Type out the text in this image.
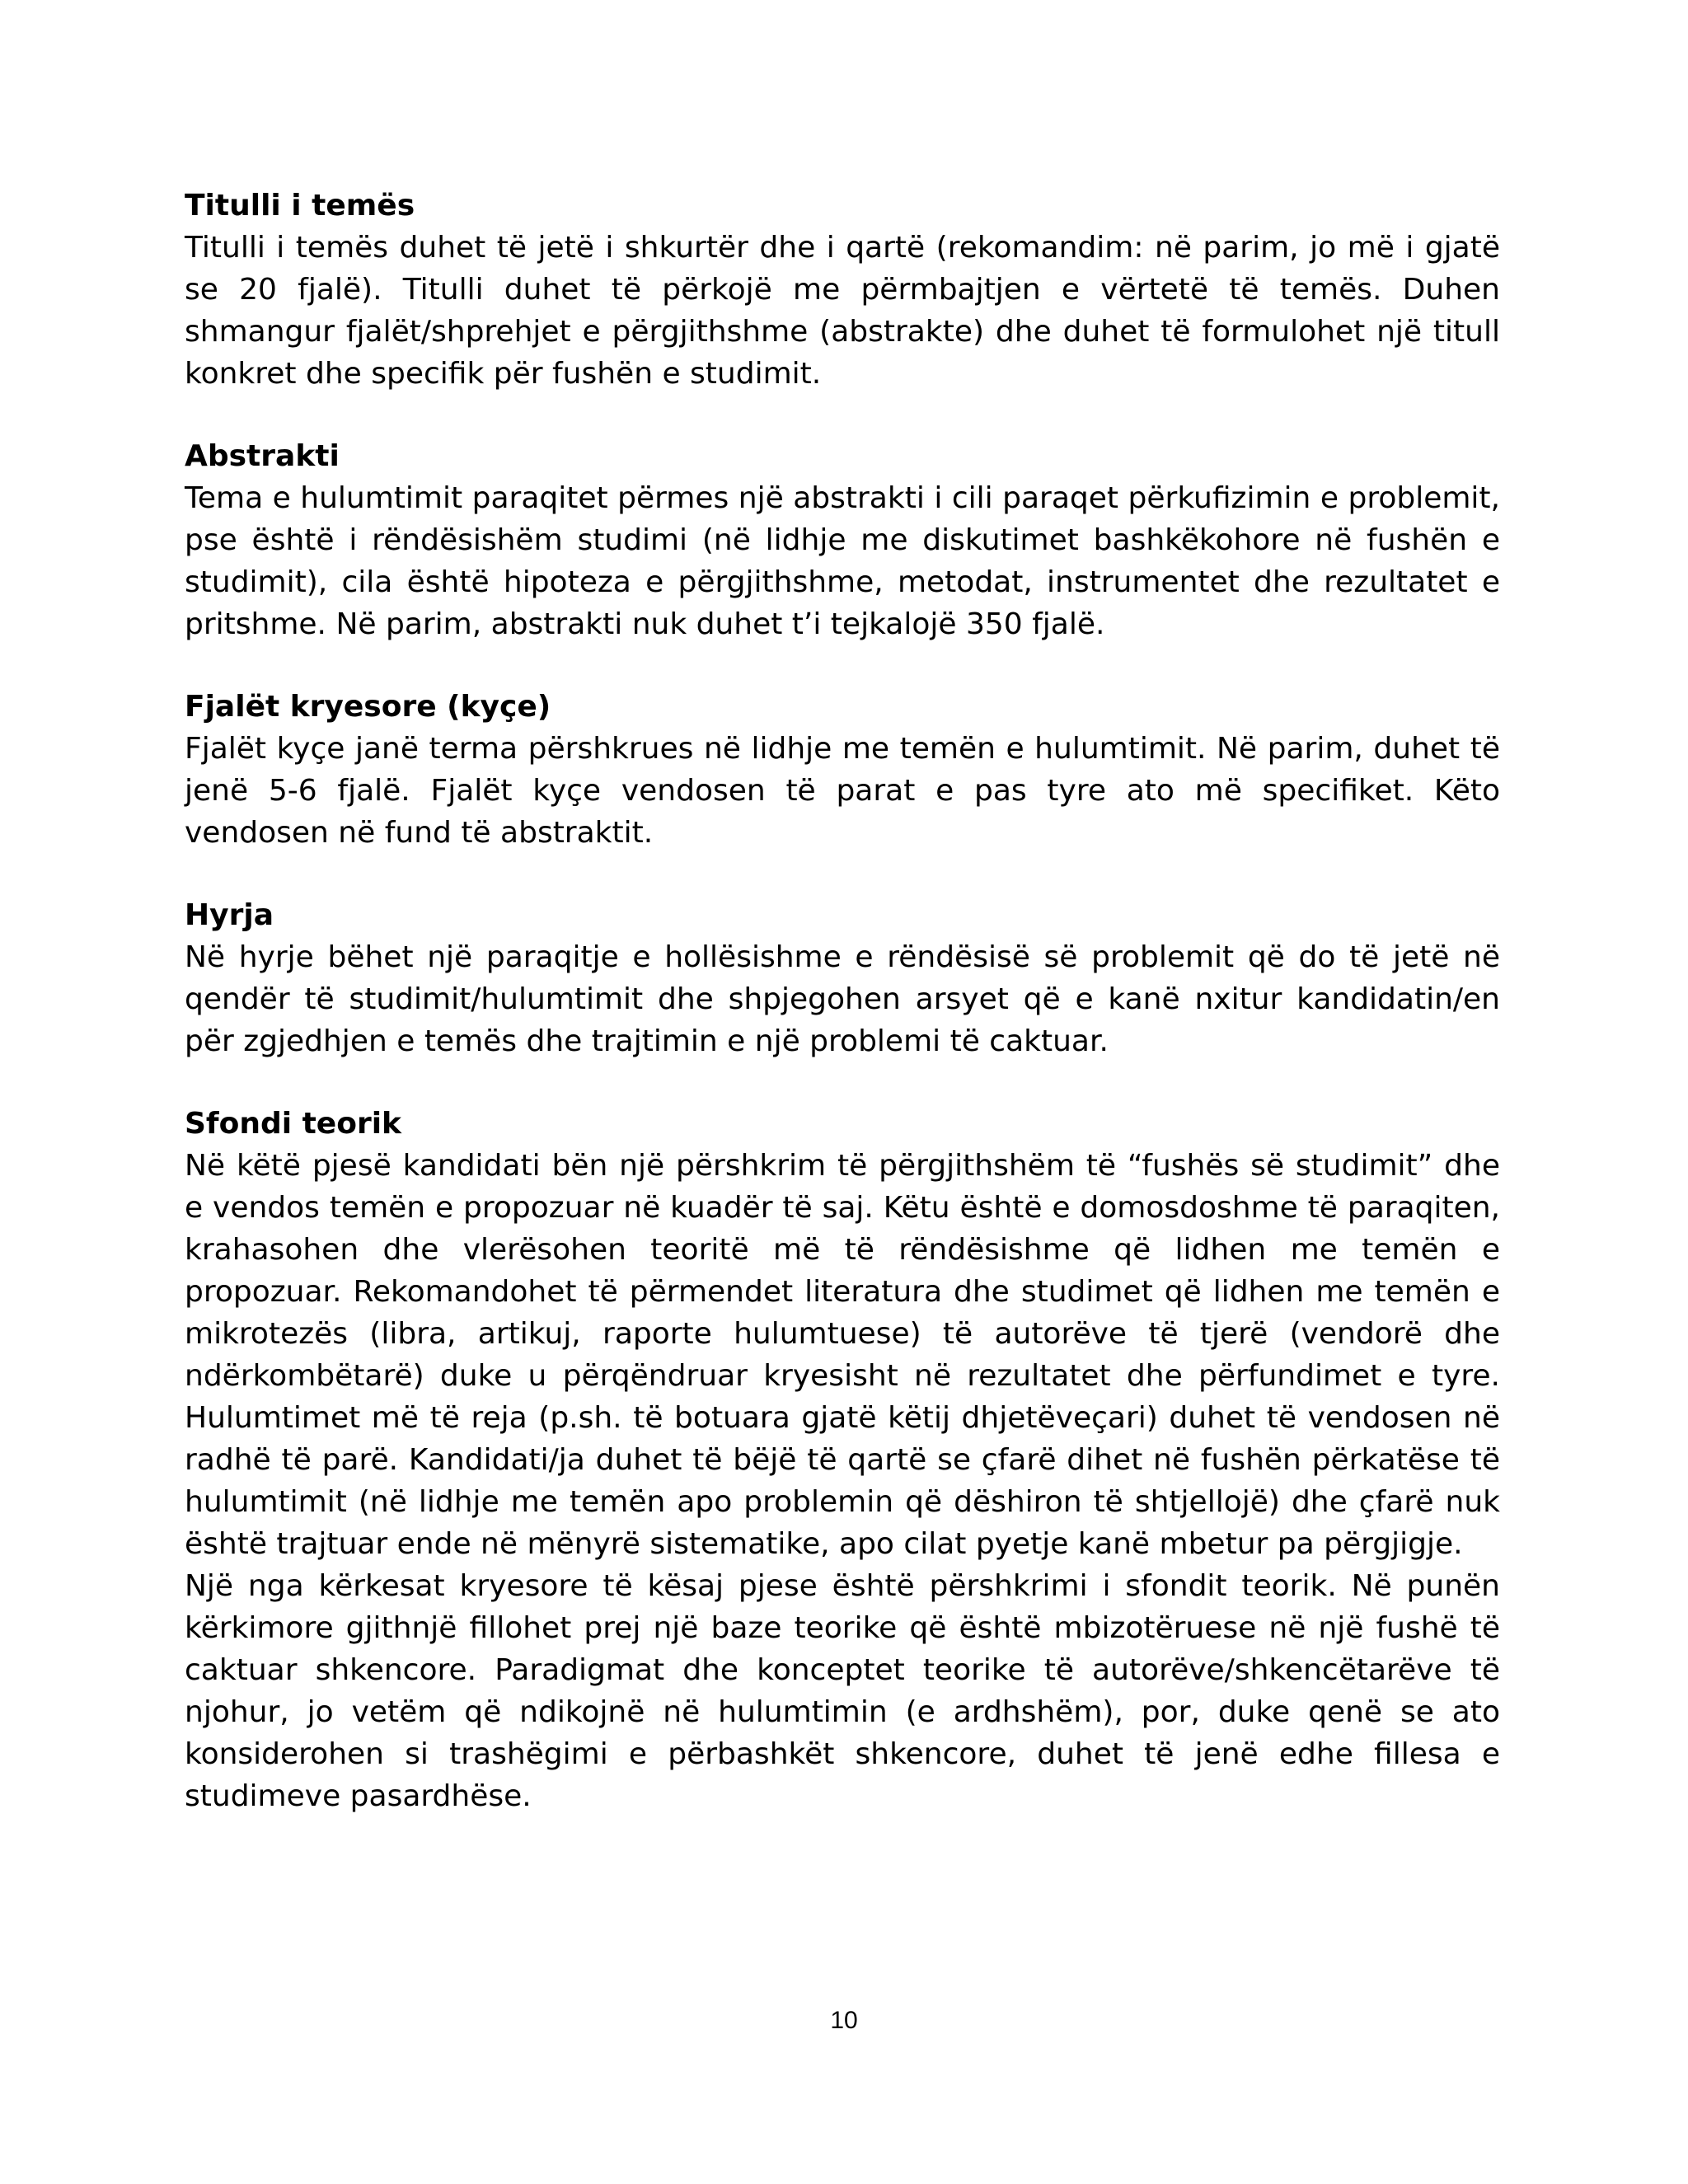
Titulli i temës

Titulli i temës duhet të jetë i shkurtër dhe i qartë (rekomandim: në parim, jo më i gjatë se 20 fjalë). Titulli duhet të përkojë me përmbajtjen e vërtetë të temës. Duhen shmangur fjalët/shprehjet e përgjithshme (abstrakte) dhe duhet të formulohet një titull konkret dhe specifik për fushën e studimit.

Abstrakti

Tema e hulumtimit paraqitet përmes një abstrakti i cili paraqet përkufizimin e problemit, pse është i rëndësishëm studimi (në lidhje me diskutimet bashkëkohore në fushën e studimit), cila është hipoteza e përgjithshme, metodat, instrumentet dhe rezultatet e pritshme. Në parim, abstrakti nuk duhet t’i tejkalojë 350 fjalë.

Fjalët kryesore (kyçe)

Fjalët kyçe janë terma përshkrues në lidhje me temën e hulumtimit. Në parim, duhet të jenë 5-6 fjalë. Fjalët kyçe vendosen të parat e pas tyre ato më specifiket. Këto vendosen në fund të abstraktit.

Hyrja

Në hyrje bëhet një paraqitje e hollësishme e rëndësisë së problemit që do të jetë në qendër të studimit/hulumtimit dhe shpjegohen arsyet që e kanë nxitur kandidatin/en për zgjedhjen e temës dhe trajtimin e një problemi të caktuar.

Sfondi teorik

Në këtë pjesë kandidati bën një përshkrim të përgjithshëm të “fushës së studimit” dhe e vendos temën e propozuar në kuadër të saj. Këtu është e domosdoshme të paraqiten, krahasohen dhe vlerësohen teoritë më të rëndësishme që lidhen me temën e propozuar. Rekomandohet të përmendet literatura dhe studimet që lidhen me temën e mikrotezës (libra, artikuj, raporte hulumtuese) të autorëve të tjerë (vendorë dhe ndërkombëtarë) duke u përqëndruar kryesisht në rezultatet dhe përfundimet e tyre. Hulumtimet më të reja (p.sh. të botuara gjatë këtij dhjetëveçari) duhet të vendosen në radhë të parë. Kandidati/ja duhet të bëjë të qartë se çfarë dihet në fushën përkatëse të hulumtimit (në lidhje me temën apo problemin që dëshiron të shtjellojë) dhe çfarë nuk është trajtuar ende në mënyrë sistematike, apo cilat pyetje kanë mbetur pa përgjigje.

Një nga kërkesat kryesore të kësaj pjese është përshkrimi i sfondit teorik. Në punën kërkimore gjithnjë fillohet prej një baze teorike që është mbizotëruese në një fushë të caktuar shkencore. Paradigmat dhe konceptet teorike të autorëve/shkencëtarëve të njohur, jo vetëm që ndikojnë në hulumtimin (e ardhshëm), por, duke qenë se ato konsiderohen si trashëgimi e përbashkët shkencore, duhet të jenë edhe fillesa e studimeve pasardhëse.

10
